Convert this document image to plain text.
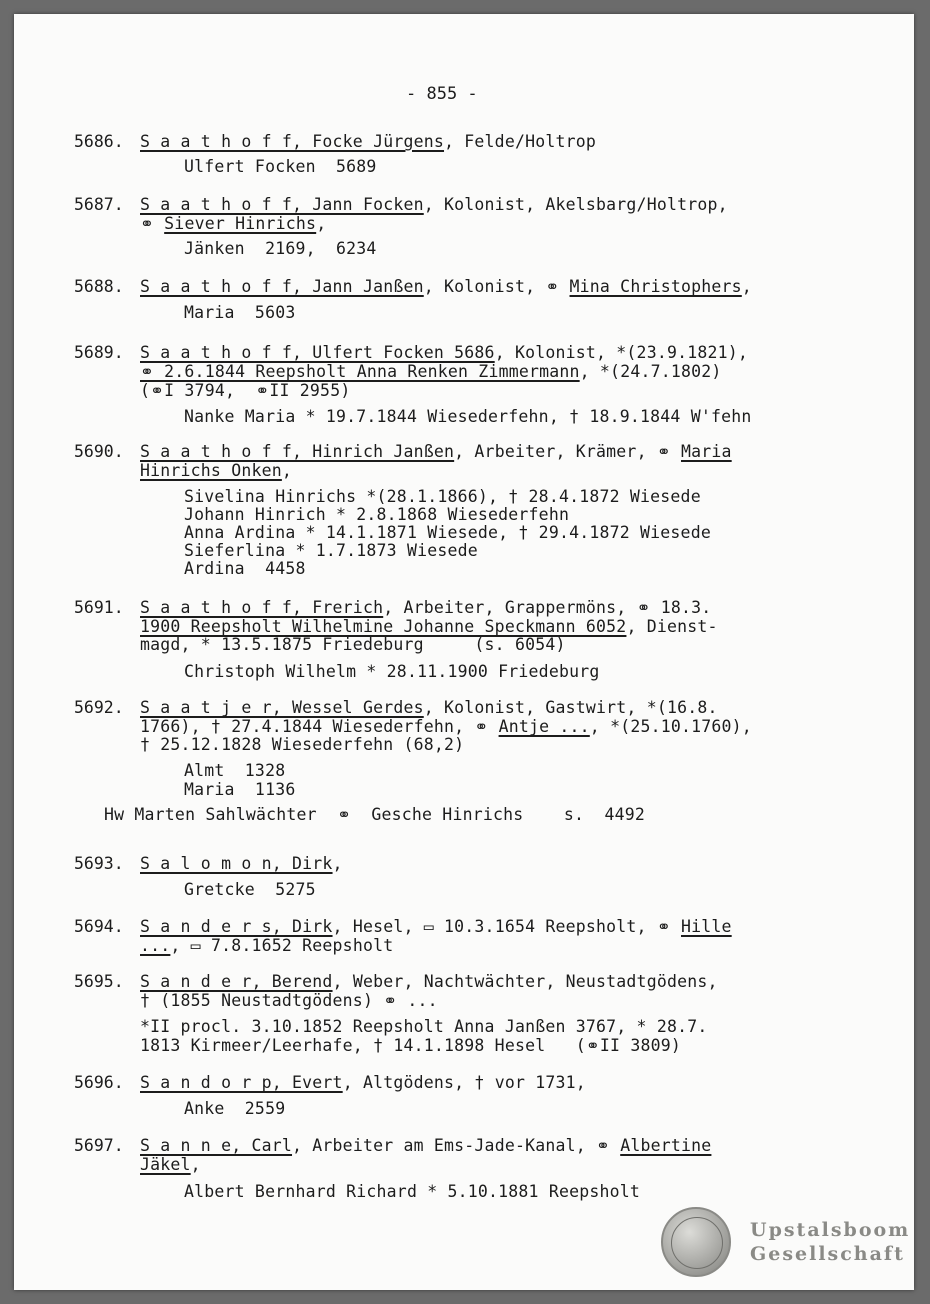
- 855 -
Hw Marten Sahlwächter  ⚭  Gesche Hinrichs    s.  4492
Upstalsboom
Gesellschaft
5686. S a a t h o f f, Focke Jürgens, Felde/Holtrop
Ulfert Focken  5689
5687. S a a t h o f f, Jann Focken, Kolonist, Akelsbarg/Holtrop,
⚭ Siever Hinrichs,
Jänken  2169,  6234
5688. S a a t h o f f, Jann Janßen, Kolonist, ⚭ Mina Christophers,
Maria  5603
5689. S a a t h o f f, Ulfert Focken 5686, Kolonist, *(23.9.1821),
⚭ 2.6.1844 Reepsholt Anna Renken Zimmermann, *(24.7.1802)
(⚭I 3794,  ⚭II 2955)
Nanke Maria * 19.7.1844 Wiesederfehn, † 18.9.1844 W'fehn
5690. S a a t h o f f, Hinrich Janßen, Arbeiter, Krämer, ⚭ Maria
Hinrichs Onken,
Sivelina Hinrichs *(28.1.1866), † 28.4.1872 Wiesede
Johann Hinrich * 2.8.1868 Wiesederfehn
Anna Ardina * 14.1.1871 Wiesede, † 29.4.1872 Wiesede
Sieferlina * 1.7.1873 Wiesede
Ardina  4458
5691. S a a t h o f f, Frerich, Arbeiter, Grappermöns, ⚭ 18.3.
1900 Reepsholt Wilhelmine Johanne Speckmann 6052, Dienst-
magd, * 13.5.1875 Friedeburg     (s. 6054)
Christoph Wilhelm * 28.11.1900 Friedeburg
5692. S a a t j e r, Wessel Gerdes, Kolonist, Gastwirt, *(16.8.
1766), † 27.4.1844 Wiesederfehn, ⚭ Antje ..., *(25.10.1760),
† 25.12.1828 Wiesederfehn (68,2)
Almt  1328
Maria  1136
5693. S a l o m o n, Dirk,
Gretcke  5275
5694. S a n d e r s, Dirk, Hesel, ▭ 10.3.1654 Reepsholt, ⚭ Hille
..., ▭ 7.8.1652 Reepsholt
5695. S a n d e r, Berend, Weber, Nachtwächter, Neustadtgödens,
† (1855 Neustadtgödens) ⚭ ...
*II procl. 3.10.1852 Reepsholt Anna Janßen 3767, * 28.7.
1813 Kirmeer/Leerhafe, † 14.1.1898 Hesel   (⚭II 3809)
5696. S a n d o r p, Evert, Altgödens, † vor 1731,
Anke  2559
5697. S a n n e, Carl, Arbeiter am Ems-Jade-Kanal, ⚭ Albertine
Jäkel,
Albert Bernhard Richard * 5.10.1881 Reepsholt
